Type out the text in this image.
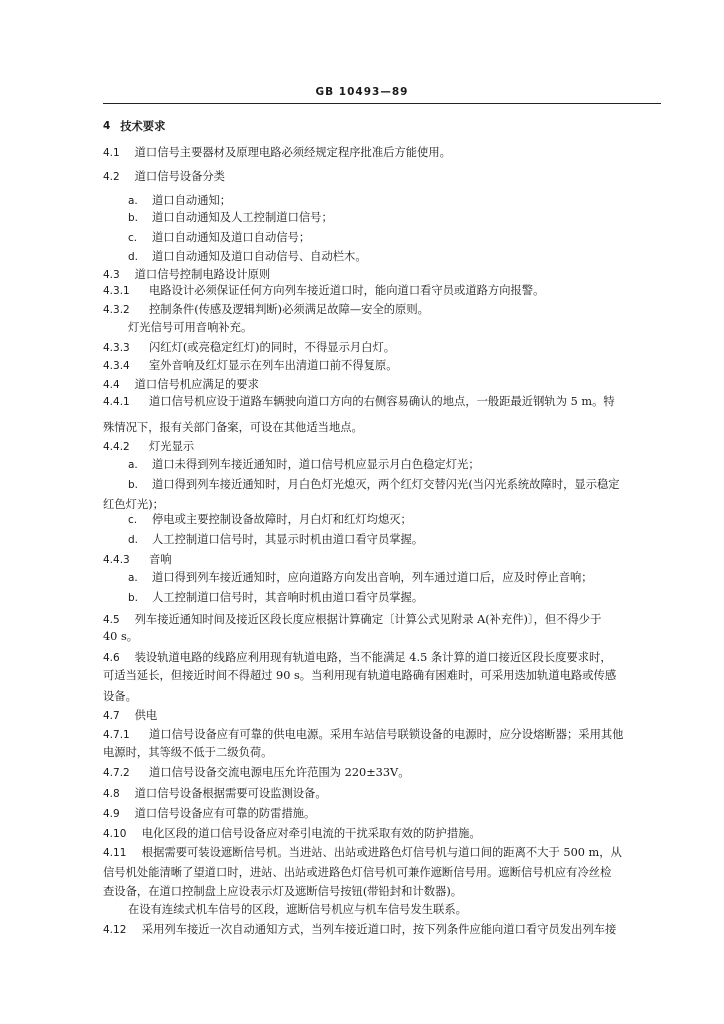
GB 10493—89
4 技术要求
4.1 道口信号主要器材及原理电路必须经规定程序批准后方能使用。
4.2 道口信号设备分类
a. 道口自动通知；
b. 道口自动通知及人工控制道口信号；
c. 道口自动通知及道口自动信号；
d. 道口自动通知及道口自动信号、自动栏木。
4.3 道口信号控制电路设计原则
4.3.1 电路设计必须保证任何方向列车接近道口时，能向道口看守员或道路方向报警。
4.3.2 控制条件(传感及逻辑判断)必须满足故障—安全的原则。
灯光信号可用音响补充。
4.3.3 闪红灯(或亮稳定红灯)的同时，不得显示月白灯。
4.3.4 室外音响及红灯显示在列车出清道口前不得复原。
4.4 道口信号机应满足的要求
4.4.1 道口信号机应设于道路车辆驶向道口方向的右侧容易确认的地点，一般距最近钢轨为 5 m。特
殊情况下，报有关部门备案，可设在其他适当地点。
4.4.2 灯光显示
a. 道口未得到列车接近通知时，道口信号机应显示月白色稳定灯光；
b. 道口得到列车接近通知时，月白色灯光熄灭，两个红灯交替闪光(当闪光系统故障时，显示稳定
红色灯光)；
c. 停电或主要控制设备故障时，月白灯和红灯均熄灭；
d. 人工控制道口信号时，其显示时机由道口看守员掌握。
4.4.3 音响
a. 道口得到列车接近通知时，应向道路方向发出音响，列车通过道口后，应及时停止音响；
b. 人工控制道口信号时，其音响时机由道口看守员掌握。
4.5 列车接近通知时间及接近区段长度应根据计算确定〔计算公式见附录 A(补充件)〕，但不得少于
40 s。
4.6 装设轨道电路的线路应利用现有轨道电路，当不能满足 4.5 条计算的道口接近区段长度要求时，
可适当延长，但接近时间不得超过 90 s。当利用现有轨道电路确有困难时，可采用迭加轨道电路或传感
设备。
4.7 供电
4.7.1 道口信号设备应有可靠的供电电源。采用车站信号联锁设备的电源时，应分设熔断器；采用其他
电源时，其等级不低于二级负荷。
4.7.2 道口信号设备交流电源电压允许范围为 220±33V。
4.8 道口信号设备根据需要可设监测设备。
4.9 道口信号设备应有可靠的防雷措施。
4.10 电化区段的道口信号设备应对牵引电流的干扰采取有效的防护措施。
4.11 根据需要可装设遮断信号机。当进站、出站或进路色灯信号机与道口间的距离不大于 500 m，从
信号机处能清晰了望道口时，进站、出站或进路色灯信号机可兼作遮断信号用。遮断信号机应有冷丝检
查设备，在道口控制盘上应设表示灯及遮断信号按钮(带铅封和计数器)。
在设有连续式机车信号的区段，遮断信号机应与机车信号发生联系。
4.12 采用列车接近一次自动通知方式，当列车接近道口时，按下列条件应能向道口看守员发出列车接
